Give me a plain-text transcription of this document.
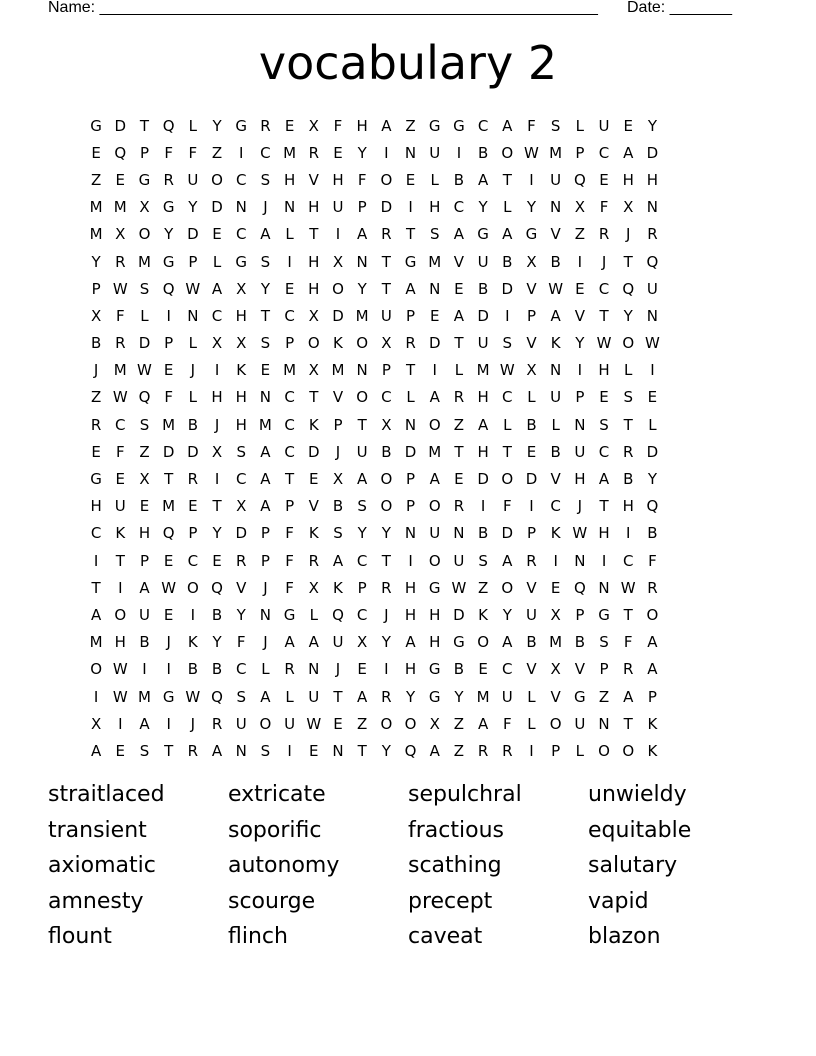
Name: ________________________________________________________ Date: _______
vocabulary 2
G D T Q L	Y G R E X F H A Z G G C A F	S	L U E Y
E Q P	F	F Z	I	C M R E Y	I	N U	I	B O W M P C A D
Z E G R U O C S H V H F O E	L B A T	I	U Q E H H
M M X G Y D N	J	N H U P D	I	H C Y	L	Y N X F X N
M X O Y D E C A L	T	I	A R T S A G A G V Z R	J	R
Y R M G P	L G S	I	H X N T G M V U B X B	I	J	T Q
P W S Q W A X Y E H O Y	T A N E B D V W E C Q U
X F	L	I	N C H T C X D M U P E A D	I	P A V T	Y N
B R D P	L X X S P O K O X R D T U S V K Y W O W
J	M W E	J	I	K E M X M N P	T	I	L M W X N	I	H L	I
Z W Q F	L H H N C T V O C L A R H C L U P E S E
R C S M B	J	H M C K P	T X N O Z A L B L N S T	L
E	F Z D D X S A C D	J	U B D M T H T E B U C R D
G E X T R	I	C A T E X A O P A E D O D V H A B Y
H U E M E T X A P V B S O P O R	I	F	I	C	J	T H Q
C K H Q P	Y D P	F K S Y	Y N U N B D P K W H	I	B
I	T	P E C E R P	F R A C T	I	O U S A R	I	N	I	C F
T	I	A W O Q V	J	F X K P R H G W Z O V E Q N W R
A O U E	I	B Y N G L Q C	J	H H D K Y U X P G T O
M H B	J	K Y	F	J	A A U X Y A H G O A B M B S	F A
O W I	I	B B C L R N	J	E	I	H G B E C V X V P R A
I W M G W Q S A L U T A R Y G Y M U L V G Z A P
X	I	A	I	J	R U O U W E Z O O X Z A F	L O U N T K
A E S T R A N S	I	E N T	Y Q A Z R R	I	P	L O O K
straitlaced	extricate	sepulchral	unwieldy
transient	soporific	fractious	equitable
axiomatic	autonomy	scathing	salutary
amnesty	scourge	precept	vapid
flount	flinch	caveat	blazon
